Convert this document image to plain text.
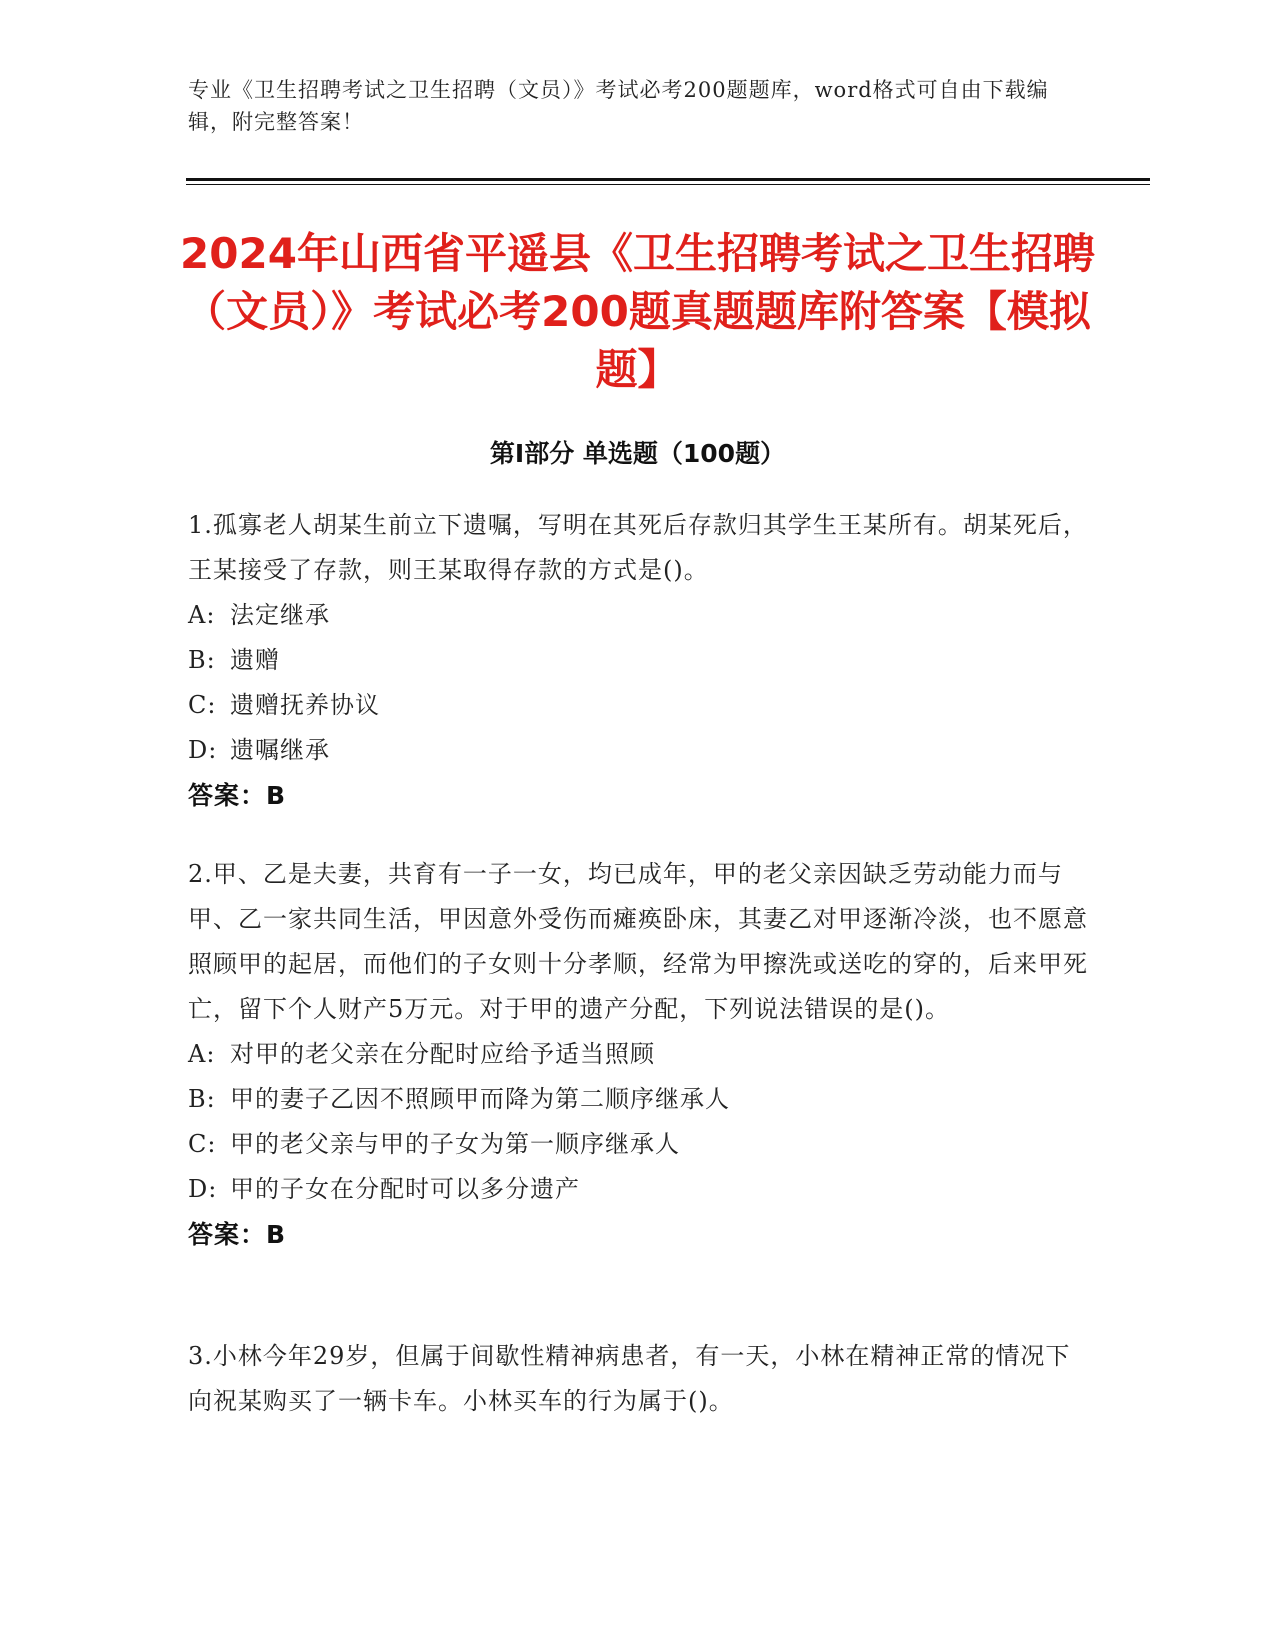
专业《卫生招聘考试之卫生招聘（文员）》考试必考200题题库，word格式可自由下载编辑，附完整答案！
2024年山西省平遥县《卫生招聘考试之卫生招聘（文员）》考试必考200题真题题库附答案【模拟题】
第Ⅰ部分 单选题（100题）

1.孤寡老人胡某生前立下遗嘱，写明在其死后存款归其学生王某所有。胡某死后，王某接受了存款，则王某取得存款的方式是()。

A: 法定继承

B: 遗赠

C: 遗赠抚养协议

D: 遗嘱继承

答案：B

2.甲、乙是夫妻，共育有一子一女，均已成年，甲的老父亲因缺乏劳动能力而与甲、乙一家共同生活，甲因意外受伤而瘫痪卧床，其妻乙对甲逐渐冷淡，也不愿意照顾甲的起居，而他们的子女则十分孝顺，经常为甲擦洗或送吃的穿的，后来甲死亡，留下个人财产5万元。对于甲的遗产分配，下列说法错误的是()。

A: 对甲的老父亲在分配时应给予适当照顾

B: 甲的妻子乙因不照顾甲而降为第二顺序继承人

C: 甲的老父亲与甲的子女为第一顺序继承人

D: 甲的子女在分配时可以多分遗产

答案：B

3.小林今年29岁，但属于间歇性精神病患者，有一天，小林在精神正常的情况下向祝某购买了一辆卡车。小林买车的行为属于()。
